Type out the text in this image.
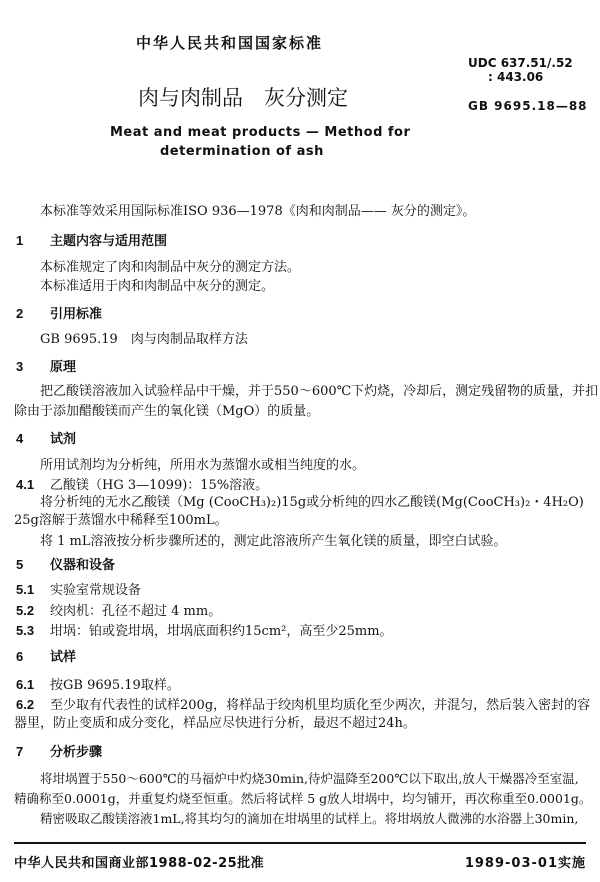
中华人民共和国国家标准
UDC 637.51/.52
: 443.06
肉与肉制品　灰分测定	GB 9695.18—88
Meat and meat products — Method for
determination of ash
本标准等效采用国际标准ISO 936—1978《肉和肉制品—— 灰分的测定》。
1 主题内容与适用范围
本标准规定了肉和肉制品中灰分的测定方法。
本标准适用于肉和肉制品中灰分的测定。
2 引用标准
GB 9695.19　肉与肉制品取样方法
3 原理
把乙酸镁溶液加入试验样品中干燥，并于550～600℃下灼烧，冷却后，测定残留物的质量，并扣
除由于添加醋酸镁而产生的氧化镁（MgO）的质量。
4 试剂
所用试剂均为分析纯，所用水为蒸馏水或相当纯度的水。
4.1 乙酸镁（HG 3—1099)：15%溶液。
将分析纯的无水乙酸镁（Mg (CooCH₃)₂)15g或分析纯的四水乙酸镁(Mg(CooCH₃)₂・4H₂O)
25g溶解于蒸馏水中稀释至100mL。
将 1 mL溶液按分析步骤所述的，测定此溶液所产生氧化镁的质量，即空白试验。
5 仪器和设备
5.1 实验室常规设备
5.2 绞肉机：孔径不超过 4 mm。
5.3 坩埚：铂或瓷坩埚，坩埚底面积约15cm²，高至少25mm。
6 试样
6.1 按GB 9695.19取样。
6.2 至少取有代表性的试样200g，将样品于绞肉机里均质化至少两次，并混匀，然后装入密封的容
器里，防止变质和成分变化，样品应尽快进行分析，最迟不超过24h。
7 分析步骤
将坩埚置于550～600℃的马福炉中灼烧30min,待炉温降至200℃以下取出,放人干燥器冷至室温,
精确称至0.0001g，并重复灼烧至恒重。然后将试样 5 g放人坩埚中，均匀铺开，再次称重至0.0001g。
精密吸取乙酸镁溶液1mL,将其均匀的滴加在坩埚里的试样上。将坩埚放人微沸的水浴器上30min,
中华人民共和国商业部1988-02-25批准	1989-03-01实施
